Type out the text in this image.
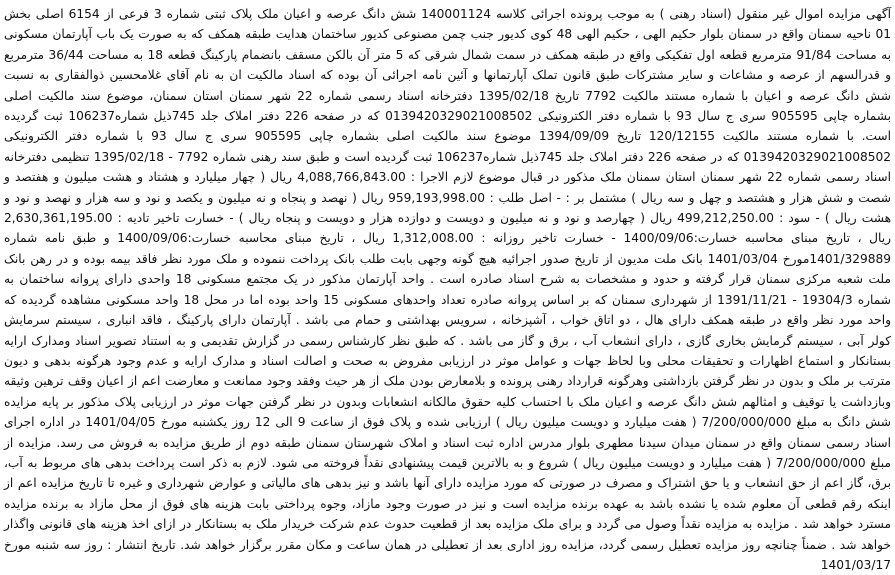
آگهی مزایده اموال غیر منقول (اسناد رهنی ) به موجب پرونده اجرائی کلاسه 140001124 شش دانگ عرصه و اعیان ملک پلاک ثبتی شماره 3 فرعی از 6154 اصلی بخش 01 ناحیه سمنان واقع در سمنان بلوار حکیم الهی ، حکیم الهی 48 کوی کدیور جنب چمن مصنوعی کدیور ساختمان هدایت طبقه همکف که به صورت یک باب آپارتمان مسکونی به مساحت 91/84 مترمربع قطعه اول تفکیکی واقع در طبقه همکف در سمت شمال شرقی که 5 متر آن بالکن مسقف بانضمام پارکینگ قطعه 18 به مساحت 36/44 مترمربع و قدرالسهم از عرصه و مشاعات و سایر مشترکات طبق قانون تملک آپارتمانها و آئین نامه اجرائی آن بوده که اسناد مالکیت ان به نام آقای غلامحسین ذوالفقاری به نسبت شش دانگ عرصه و اعیان با شماره مستند مالکیت 7792 تاریخ 1395/02/18 دفترخانه اسناد رسمی شماره 22 شهر سمنان استان سمنان، موضوع سند مالکیت اصلی بشماره چاپی 905595 سری ج سال 93 با شماره دفتر الکترونیکی 0139420329021008502 که در صفحه 226 دفتر املاک جلد 745ذیل شماره106237 ثبت گردیده است. با شماره مستند مالکیت 120/12155 تاریخ 1394/09/09 موضوع سند مالکیت اصلی بشماره چاپی 905595 سری ج سال 93 با شماره دفتر الکترونیکی 0139420329021008502 که در صفحه 226 دفتر املاک جلد 745ذیل شماره106237 ثبت گردیده است و طبق سند رهنی شماره 7792 - 1395/02/18 تنظیمی دفترخانه اسناد رسمی شماره 22 شهر سمنان استان سمنان ملک مذکور در قبال موضوع لازم الاجرا : 4,088,766,843.00 ریال ( چهار میلیارد و هشتاد و هشت میلیون و هفتصد و شصت و شش هزار و هشتصد و چهل و سه ریال ) مشتمل بر : - اصل طلب : 959,193,998.00 ریال ( نهصد و پنجاه و نه میلیون و یکصد و نود و سه هزار و نهصد و نود و هشت ریال ) - سود : 499,212,250.00 ریال ( چهارصد و نود و نه میلیون و دویست و دوازده هزار و دویست و پنجاه ریال ) - خسارت تاخیر تادیه : 2,630,361,195.00 ریال ، تاریخ مبنای محاسبه خسارت:1400/09/06 - خسارت تاخیر روزانه : 1,312,008.00 ریال ، تاریخ مبنای محاسبه خسارت:1400/09/06 و طبق نامه شماره 1401/329889مورخ 1401/03/04 بانک ملت مدیون از تاریخ صدور اجرائیه هیچ گونه وجهی بابت طلب بانک پرداخت ننموده و ملک مورد نظر فاقد بیمه بوده و در رهن بانک ملت شعبه مرکزی سمنان قرار گرفته و حدود و مشخصات به شرح اسناد صادره است . واحد آپارتمان مذکور در یک مجتمع مسکونی 18 واحدی دارای پروانه ساختمان به شماره 19304/3 - 1391/11/21 از شهرداری سمنان که بر اساس پروانه صادره تعداد واحدهای مسکونی 15 واحد بوده اما در محل 18 واحد مسکونی مشاهده گردیده که واحد مورد نظر واقع در طبقه همکف دارای هال ، دو اتاق خواب ، آشپزخانه ، سرویس بهداشتی و حمام می باشد . آپارتمان دارای پارکینگ ، فاقد انباری ، سیستم سرمایش کولر آبی ، سیستم گرمایش بخاری گازی ، دارای انشعاب آب ، برق و گاز می باشد . که طبق نظر کارشناس رسمی در گزارش تقدیمی و به استناد تصویر اسناد ومدارک ارایه بستانکار و استماع اظهارات و تحقیقات محلی وبا لحاظ جهات و عوامل موثر در ارزیابی مفروض به صحت و اصالت اسناد و مدارک ارایه و عدم وجود هرگونه بدهی و دیون مترتب بر ملک و بدون در نظر گرفتن بازداشتی وهرگونه قرارداد رهنی پرونده و بلامعارض بودن ملک از هر حیث وفقد وجود ممانعت و معارضت اعم از اعیان وقف ترهین وثیقه وبازداشت یا توقیف و امثالهم شش دانگ عرصه و اعیان ملک با احتساب کلیه حقوق مالکانه انشعابات وبدون در نظر گرفتن جهات موثر در ارزیابی پلاک مذکور بر پایه مزایده شش دانگ به مبلغ 7/200/000/000 ( هفت میلیارد و دویست میلیون ریال ) ارزیابی شده و پلاک فوق از ساعت 9 الی 12 روز یکشنبه مورخ 1401/04/05 در اداره اجرای اسناد رسمی سمنان واقع در سمنان میدان سیدنا مطهری بلوار مدرس اداره ثبت اسناد و املاک شهرستان سمنان طبقه دوم از طریق مزایده به فروش می رسد. مزایده از مبلغ 7/200/000/000 ( هفت میلیارد و دویست میلیون ریال ) شروع و به بالاترین قیمت پیشنهادی نقداً فروخته می شود. لازم به ذکر است پرداخت بدهی های مربوط به آب، برق، گاز اعم از حق انشعاب و یا حق اشتراک و مصرف در صورتی که مورد مزایده دارای آنها باشد و نیز بدهی های مالیاتی و عوارض شهرداری و غیره تا تاریخ مزایده اعم از اینکه رقم قطعی آن معلوم شده یا نشده باشد به عهده برنده مزایده است و نیز در صورت وجود مازاد، وجوه پرداختی بابت هزینه های فوق از محل مازاد به برنده مزایده مسترد خواهد شد . مزایده به مزایده نقداً وصول می گردد و برای ملک مزایده بعد از قطعیت حدوث عدم شرکت خریدار ملک به بستانکار در ازای اخذ هزینه های قانونی واگذار خواهد شد . ضمناً چنانچه روز مزایده تعطیل رسمی گردد، مزایده روز اداری بعد از تعطیلی در همان ساعت و مکان مقرر برگزار خواهد شد. تاریخ انتشار : روز سه شنبه مورخ 1401/03/17
